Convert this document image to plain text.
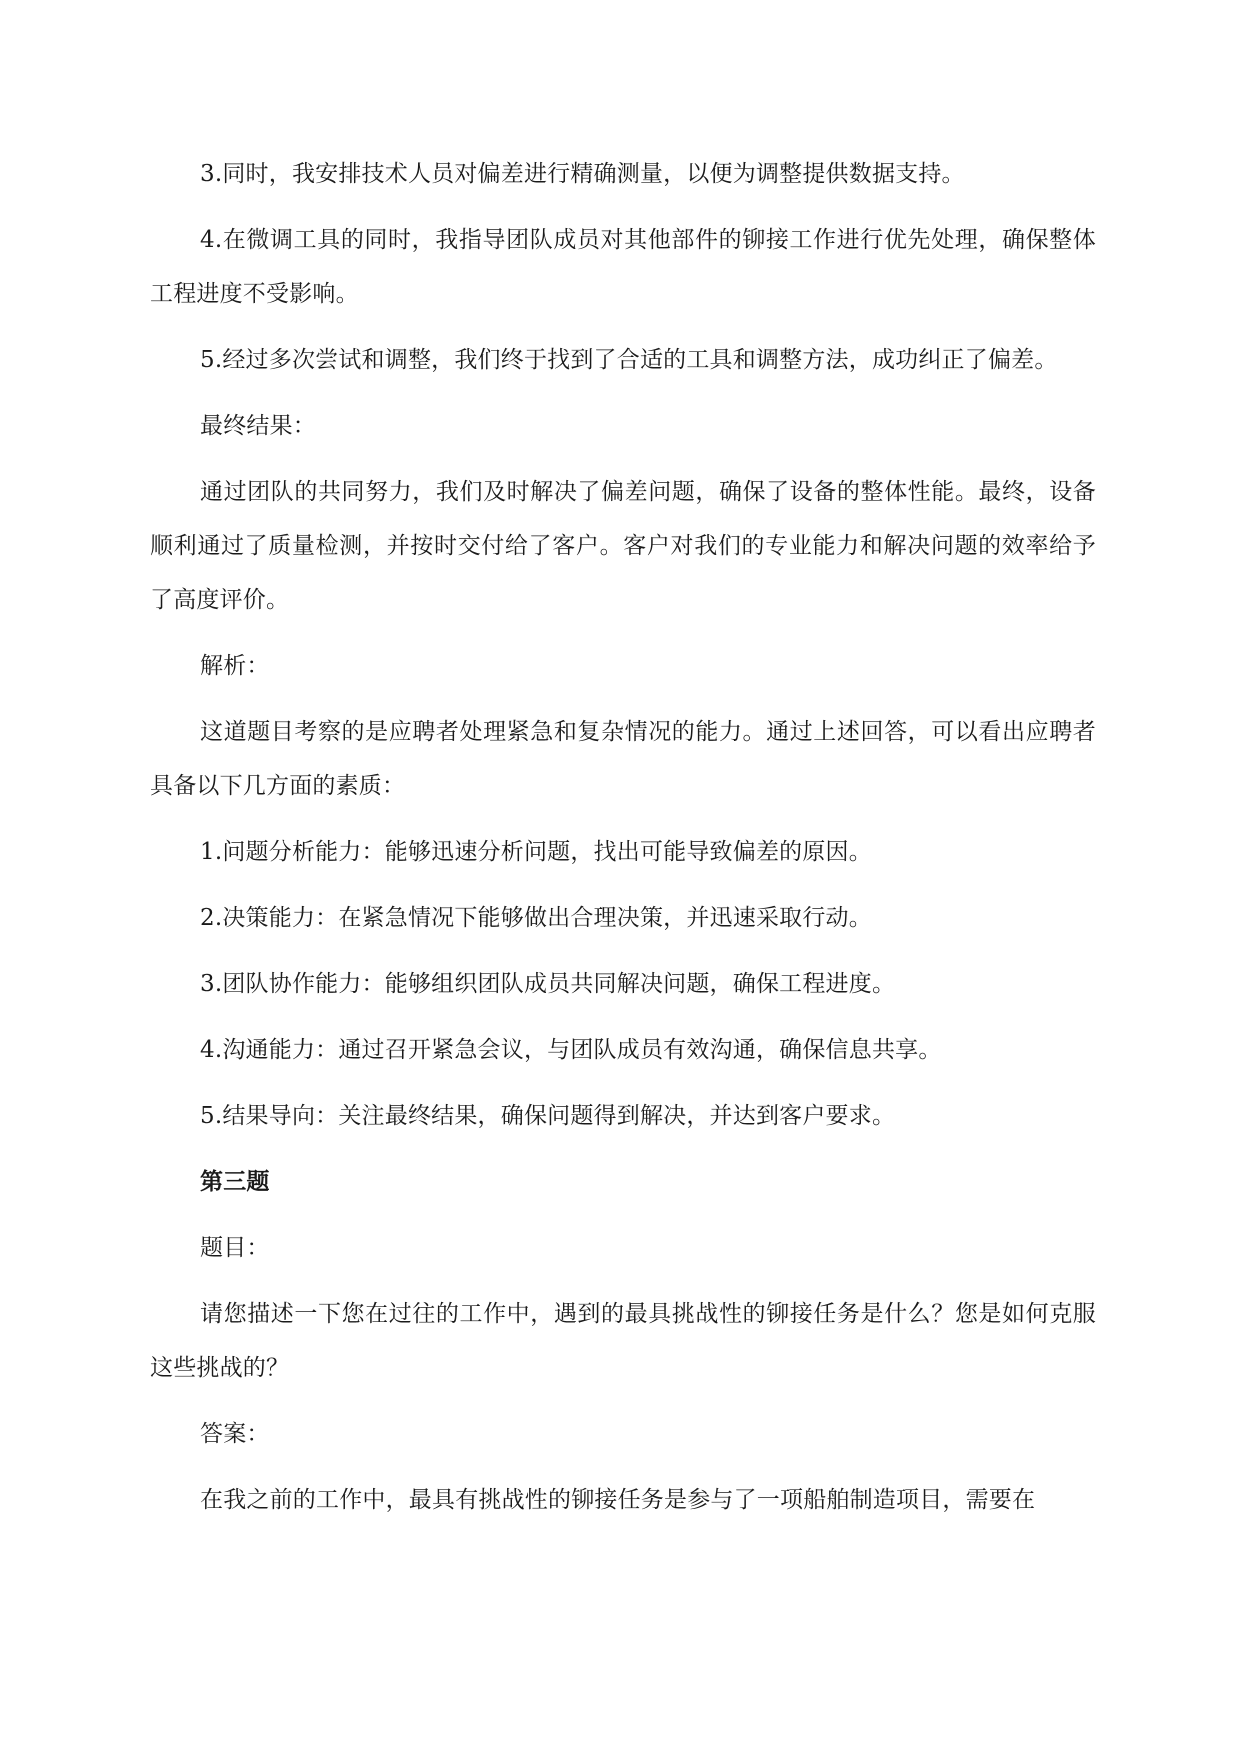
3.同时，我安排技术人员对偏差进行精确测量，以便为调整提供数据支持。

4.在微调工具的同时，我指导团队成员对其他部件的铆接工作进行优先处理，确保整体工程进度不受影响。

5.经过多次尝试和调整，我们终于找到了合适的工具和调整方法，成功纠正了偏差。

最终结果：

通过团队的共同努力，我们及时解决了偏差问题，确保了设备的整体性能。最终，设备顺利通过了质量检测，并按时交付给了客户。客户对我们的专业能力和解决问题的效率给予了高度评价。

解析：

这道题目考察的是应聘者处理紧急和复杂情况的能力。通过上述回答，可以看出应聘者具备以下几方面的素质：

1.问题分析能力：能够迅速分析问题，找出可能导致偏差的原因。

2.决策能力：在紧急情况下能够做出合理决策，并迅速采取行动。

3.团队协作能力：能够组织团队成员共同解决问题，确保工程进度。

4.沟通能力：通过召开紧急会议，与团队成员有效沟通，确保信息共享。

5.结果导向：关注最终结果，确保问题得到解决，并达到客户要求。

第三题

题目：

请您描述一下您在过往的工作中，遇到的最具挑战性的铆接任务是什么？您是如何克服这些挑战的？

答案：

在我之前的工作中，最具有挑战性的铆接任务是参与了一项船舶制造项目，需要在
